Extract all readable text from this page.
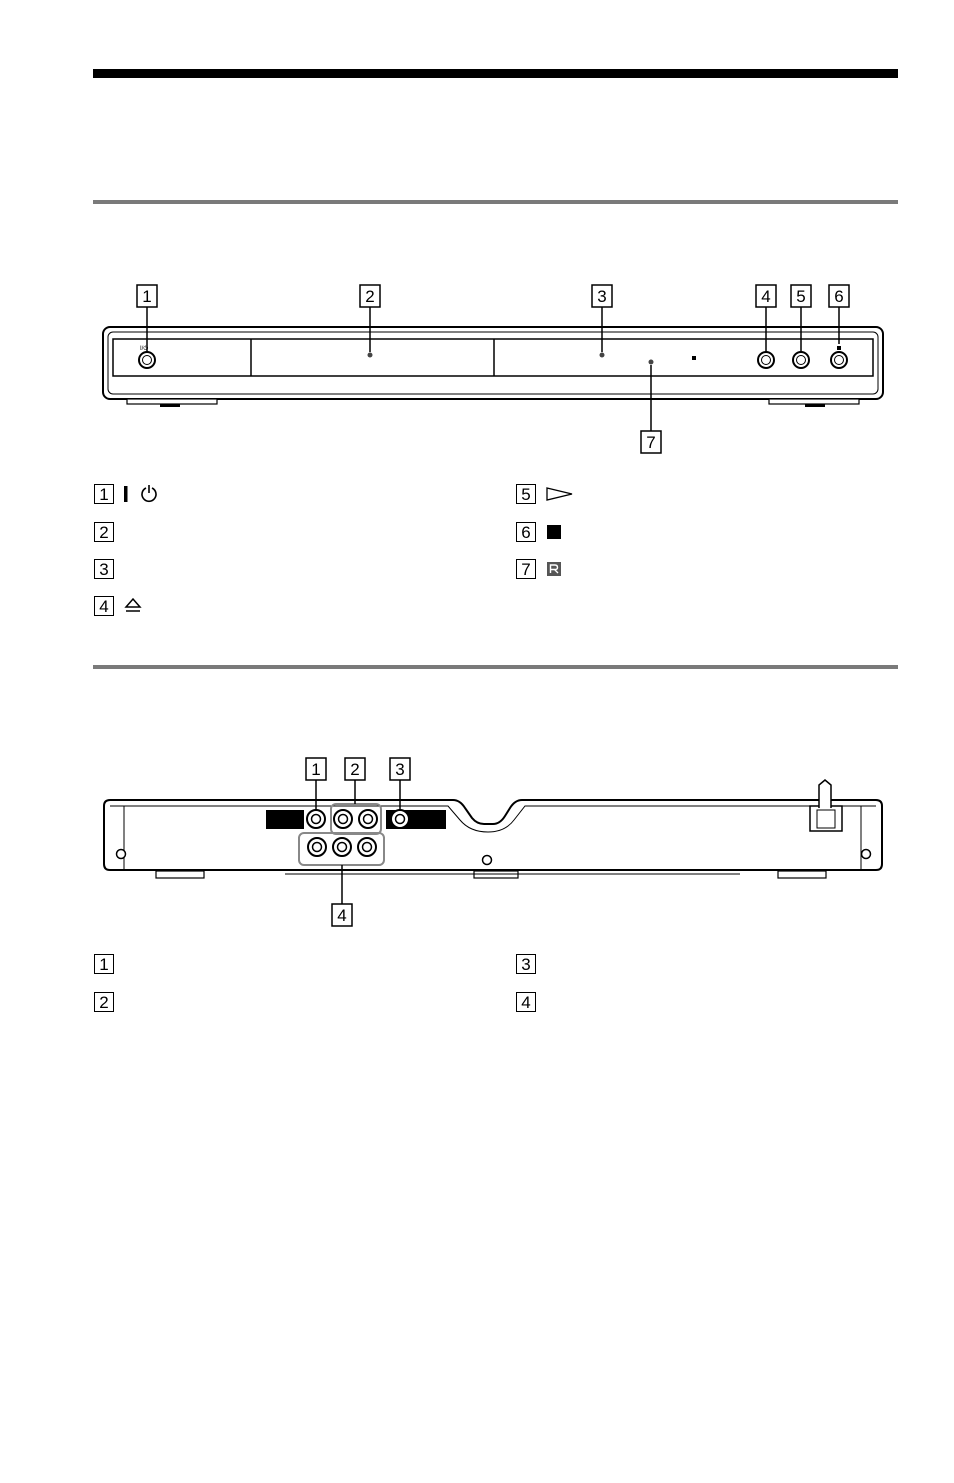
I/⏻
1	2	3	4 5 6
7
1
2
3
4
5
6
7
1 2 3
4
1
2
3
4
